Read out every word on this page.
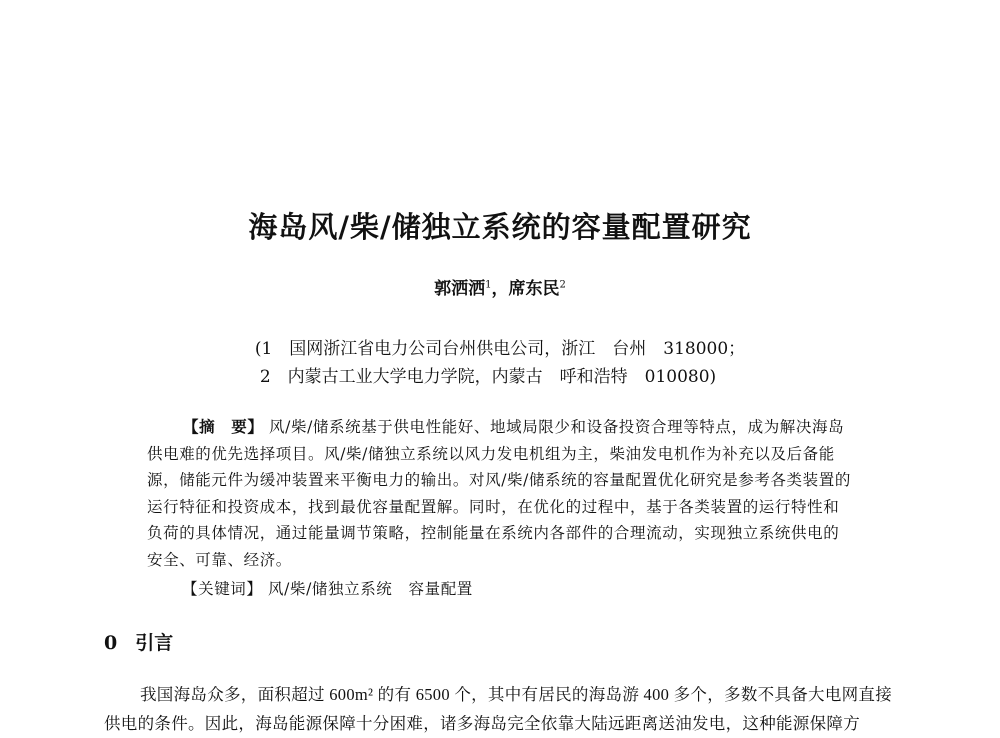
海岛风/柴/储独立系统的容量配置研究
郭洒洒$^1$，席东民$^2$
(1　国网浙江省电力公司台州供电公司，浙江　台州　318000；
2　内蒙古工业大学电力学院，内蒙古　呼和浩特　010080)
【摘　要】 风/柴/储系统基于供电性能好、地域局限少和设备投资合理等特点，成为解决海岛供电难的优先选择项目。风/柴/储独立系统以风力发电机组为主，柴油发电机作为补充以及后备能源，储能元件为缓冲装置来平衡电力的输出。对风/柴/储系统的容量配置优化研究是参考各类装置的运行特征和投资成本，找到最优容量配置解。同时，在优化的过程中，基于各类装置的运行特性和负荷的具体情况，通过能量调节策略，控制能量在系统内各部件的合理流动，实现独立系统供电的安全、可靠、经济。
【关键词】 风/柴/储独立系统　容量配置
0 引言
我国海岛众多，面积超过 600m² 的有 6500 个，其中有居民的海岛游 400 多个，多数不具备大电网直接供电的条件。因此，海岛能源保障十分困难，诸多海岛完全依靠大陆远距离送油发电，这种能源保障方
